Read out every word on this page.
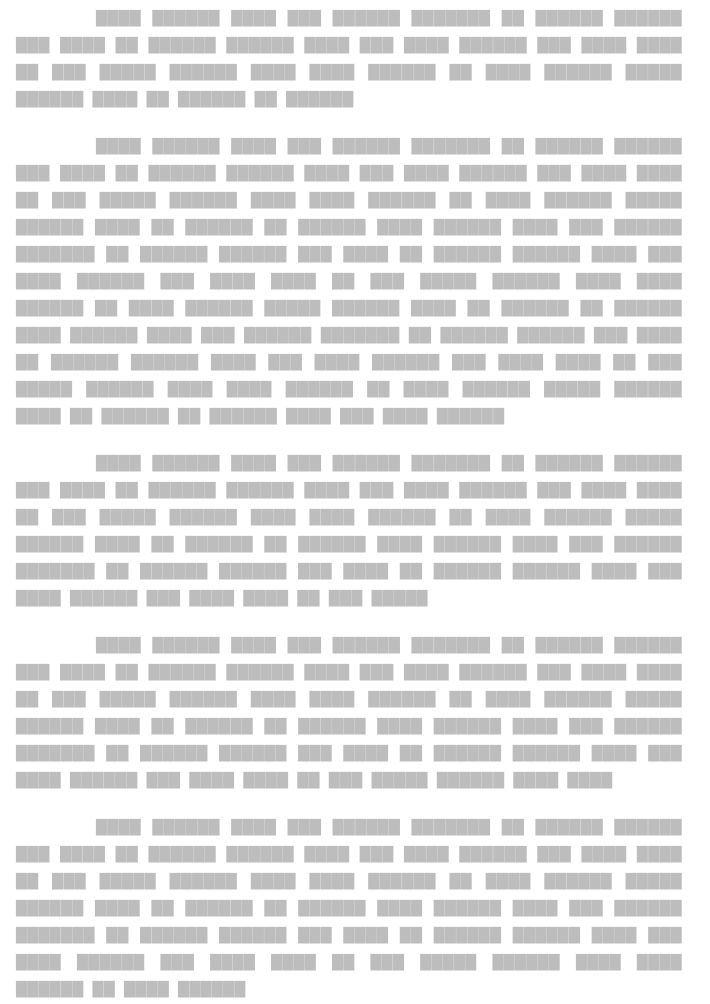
████ ██████ ████ ███ ██████ ███████ ██ ██████ ██████ ███ ████ ██ ██████ ██████ ████ ███ ████ ██████ ███ ████ ████ ██ ███ █████ ██████ ████ ████ ██████ ██ ████ ██████ █████ ██████ ████ ██ ██████ ██ ██████

████ ██████ ████ ███ ██████ ███████ ██ ██████ ██████ ███ ████ ██ ██████ ██████ ████ ███ ████ ██████ ███ ████ ████ ██ ███ █████ ██████ ████ ████ ██████ ██ ████ ██████ █████ ██████ ████ ██ ██████ ██ ██████ ████ ██████ ████ ███ ██████ ███████ ██ ██████ ██████ ███ ████ ██ ██████ ██████ ████ ███ ████ ██████ ███ ████ ████ ██ ███ █████ ██████ ████ ████ ██████ ██ ████ ██████ █████ ██████ ████ ██ ██████ ██ ██████ ████ ██████ ████ ███ ██████ ███████ ██ ██████ ██████ ███ ████ ██ ██████ ██████ ████ ███ ████ ██████ ███ ████ ████ ██ ███ █████ ██████ ████ ████ ██████ ██ ████ ██████ █████ ██████ ████ ██ ██████ ██ ██████ ████ ███ ████ ██████

████ ██████ ████ ███ ██████ ███████ ██ ██████ ██████ ███ ████ ██ ██████ ██████ ████ ███ ████ ██████ ███ ████ ████ ██ ███ █████ ██████ ████ ████ ██████ ██ ████ ██████ █████ ██████ ████ ██ ██████ ██ ██████ ████ ██████ ████ ███ ██████ ███████ ██ ██████ ██████ ███ ████ ██ ██████ ██████ ████ ███ ████ ██████ ███ ████ ████ ██ ███ █████

████ ██████ ████ ███ ██████ ███████ ██ ██████ ██████ ███ ████ ██ ██████ ██████ ████ ███ ████ ██████ ███ ████ ████ ██ ███ █████ ██████ ████ ████ ██████ ██ ████ ██████ █████ ██████ ████ ██ ██████ ██ ██████ ████ ██████ ████ ███ ██████ ███████ ██ ██████ ██████ ███ ████ ██ ██████ ██████ ████ ███ ████ ██████ ███ ████ ████ ██ ███ █████ ██████ ████ ████

████ ██████ ████ ███ ██████ ███████ ██ ██████ ██████ ███ ████ ██ ██████ ██████ ████ ███ ████ ██████ ███ ████ ████ ██ ███ █████ ██████ ████ ████ ██████ ██ ████ ██████ █████ ██████ ████ ██ ██████ ██ ██████ ████ ██████ ████ ███ ██████ ███████ ██ ██████ ██████ ███ ████ ██ ██████ ██████ ████ ███ ████ ██████ ███ ████ ████ ██ ███ █████ ██████ ████ ████ ██████ ██ ████ ██████
